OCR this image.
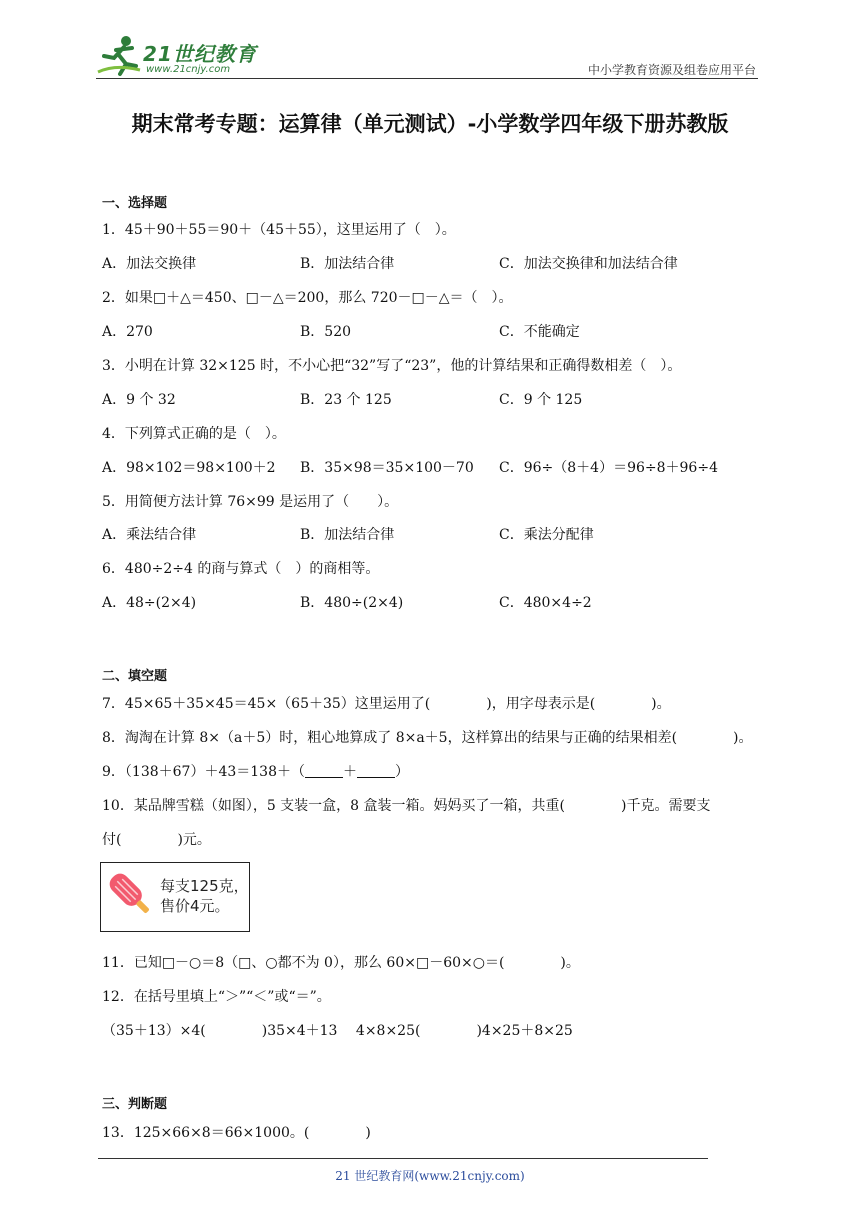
21世纪教育
www.21cnjy.com	中小学教育资源及组卷应用平台
期末常考专题：运算律（单元测试）-小学数学四年级下册苏教版
一、选择题
1．45＋90＋55＝90＋（45＋55），这里运用了（　）。
A．加法交换律	B．加法结合律	C．加法交换律和加法结合律
2．如果□＋△＝450、□－△＝200，那么 720－□－△＝（　）。
A．270	B．520	C．不能确定
3．小明在计算 32×125 时，不小心把“32”写了“23”，他的计算结果和正确得数相差（　）。
A．9 个 32	B．23 个 125	C．9 个 125
4．下列算式正确的是（　）。
A．98×102＝98×100＋2 B．35×98＝35×100－70 C．96÷（8＋4）＝96÷8＋96÷4
5．用简便方法计算 76×99 是运用了（　　）。
A．乘法结合律	B．加法结合律	C．乘法分配律
6．480÷2÷4 的商与算式（　）的商相等。
A．48÷(2×4)	B．480÷(2×4)	C．480×4÷2
二、填空题
7．45×65＋35×45＝45×（65＋35）这里运用了(　　　　)，用字母表示是(　　　　)。
8．淘淘在计算 8×（a＋5）时，粗心地算成了 8×a＋5，这样算出的结果与正确的结果相差(　　　　)。
9．（138＋67）＋43＝138＋（	＋	）
10．某品牌雪糕（如图），5 支装一盒，8 盒装一箱。妈妈买了一箱，共重(　　　　)千克。需要支
付(　　　　)元。
每支125克，
售价4元。
11．已知□－○＝8（□、○都不为 0），那么 60×□－60×○＝(　　　　)。
12．在括号里填上“＞”“＜”或“＝”。
（35＋13）×4(　　　　)35×4＋13　 4×8×25(　　　　)4×25＋8×25
三、判断题
13．125×66×8＝66×1000。(　　　　)
21 世纪教育网(www.21cnjy.com)
